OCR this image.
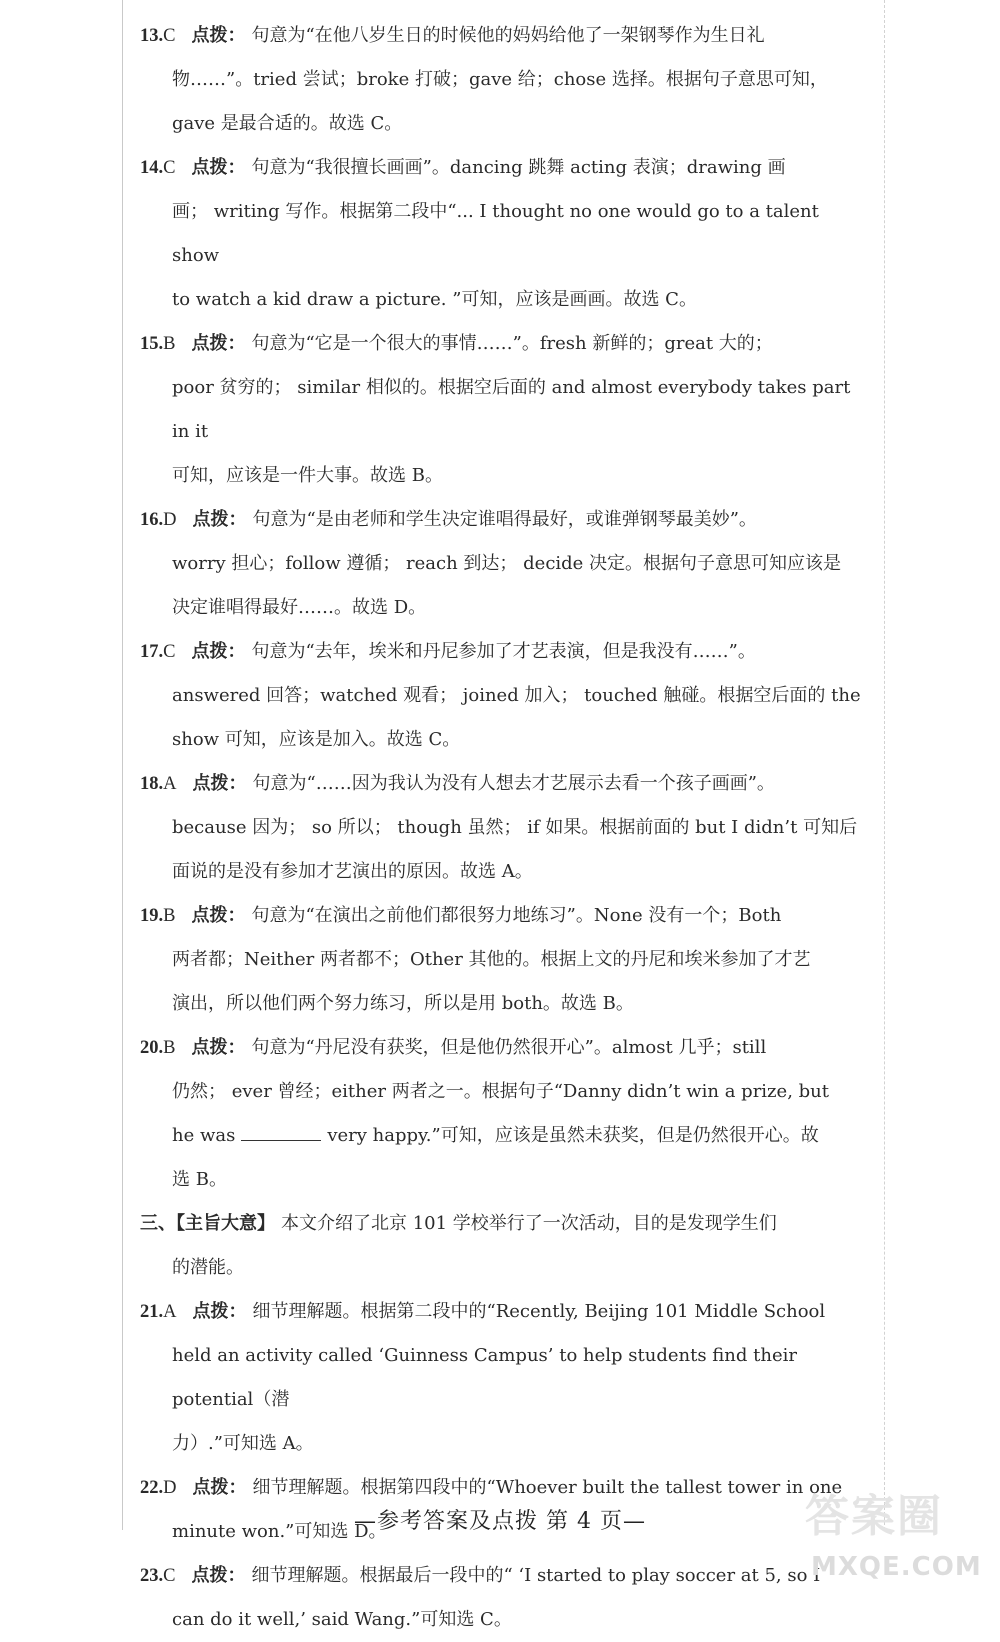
13.C 点拨： 句意为“在他八岁生日的时候他的妈妈给他了一架钢琴作为生日礼
物……”。tried 尝试；broke 打破；gave 给；chose 选择。根据句子意思可知，
gave 是最合适的。故选 C。
14.C 点拨： 句意为“我很擅长画画”。dancing 跳舞 acting 表演；drawing 画
画； writing 写作。根据第二段中“... I thought no one would go to a talent show
to watch a kid draw a picture. ”可知，应该是画画。故选 C。
15.B 点拨： 句意为“它是一个很大的事情……”。fresh 新鲜的；great 大的；
poor 贫穷的； similar 相似的。根据空后面的 and almost everybody takes part in it
可知，应该是一件大事。故选 B。
16.D 点拨： 句意为“是由老师和学生决定谁唱得最好，或谁弹钢琴最美妙”。
worry 担心；follow 遵循； reach 到达； decide 决定。根据句子意思可知应该是
决定谁唱得最好……。故选 D。
17.C 点拨： 句意为“去年，埃米和丹尼参加了才艺表演，但是我没有……”。
answered 回答；watched 观看； joined 加入； touched 触碰。根据空后面的 the
show 可知，应该是加入。故选 C。
18.A 点拨： 句意为“……因为我认为没有人想去才艺展示去看一个孩子画画”。
because 因为； so 所以； though 虽然； if 如果。根据前面的 but I didn’t 可知后
面说的是没有参加才艺演出的原因。故选 A。
19.B 点拨： 句意为“在演出之前他们都很努力地练习”。None 没有一个；Both
两者都；Neither 两者都不；Other 其他的。根据上文的丹尼和埃米参加了才艺
演出，所以他们两个努力练习，所以是用 both。故选 B。
20.B 点拨： 句意为“丹尼没有获奖，但是他仍然很开心”。almost 几乎；still
仍然； ever 曾经；either 两者之一。根据句子“Danny didn’t win a prize, but
he was	very happy.”可知，应该是虽然未获奖，但是仍然很开心。故
选 B。
三、【主旨大意】 本文介绍了北京 101 学校举行了一次活动，目的是发现学生们
的潜能。
21.A 点拨： 细节理解题。根据第二段中的“Recently, Beijing 101 Middle School
held an activity called ‘Guinness Campus’ to help students find their potential（潜
力）.”可知选 A。
22.D 点拨： 细节理解题。根据第四段中的“Whoever built the tallest tower in one
minute won.”可知选 D。
23.C 点拨： 细节理解题。根据最后一段中的“ ‘I started to play soccer at 5, so I
can do it well,’ said Wang.”可知选 C。
—参考答案及点拨 第 4 页—	答案圈
MXQE.COM
